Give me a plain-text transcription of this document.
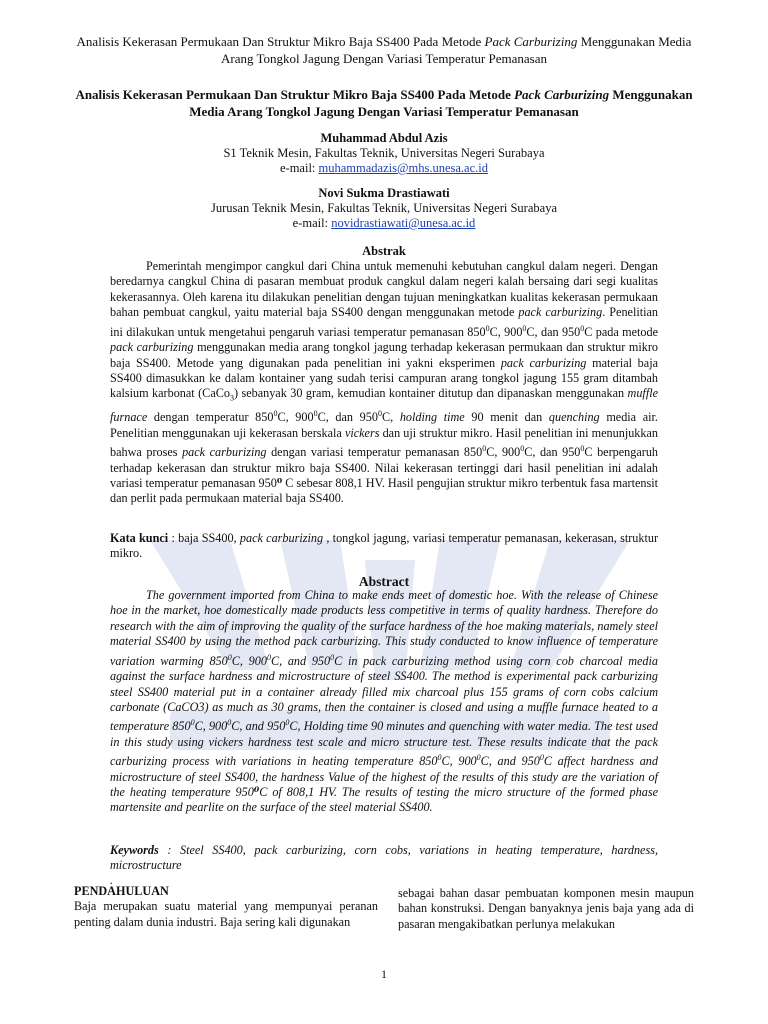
Analisis Kekerasan Permukaan Dan Struktur Mikro Baja SS400 Pada Metode Pack Carburizing Menggunakan Media
Arang Tongkol Jagung Dengan Variasi Temperatur Pemanasan
Analisis Kekerasan Permukaan Dan Struktur Mikro Baja SS400 Pada Metode Pack Carburizing Menggunakan
Media Arang Tongkol Jagung Dengan Variasi Temperatur Pemanasan
Muhammad Abdul Azis
S1 Teknik Mesin, Fakultas Teknik, Universitas Negeri Surabaya
e-mail: muhammadazis@mhs.unesa.ac.id
Novi Sukma Drastiawati
Jurusan Teknik Mesin, Fakultas Teknik, Universitas Negeri Surabaya
e-mail: novidrastiawati@unesa.ac.id
Abstrak
Pemerintah mengimpor cangkul dari China untuk memenuhi kebutuhan cangkul dalam negeri. Dengan beredarnya cangkul China di pasaran membuat produk cangkul dalam negeri kalah bersaing dari segi kualitas kekerasannya. Oleh karena itu dilakukan penelitian dengan tujuan meningkatkan kualitas kekerasan permukaan bahan pembuat cangkul, yaitu material baja SS400 dengan menggunakan metode pack carburizing. Penelitian ini dilakukan untuk mengetahui pengaruh variasi temperatur pemanasan $850^0C$, $900^0C$, dan $950^0C$ pada metode pack carburizing menggunakan media arang tongkol jagung terhadap kekerasan permukaan dan struktur mikro baja SS400. Metode yang digunakan pada penelitian ini yakni eksperimen pack carburizing material baja SS400 dimasukkan ke dalam kontainer yang sudah terisi campuran arang tongkol jagung 155 gram ditambah kalsium karbonat (CaCo$_3$) sebanyak 30 gram, kemudian kontainer ditutup dan dipanaskan menggunakan muffle furnace dengan temperatur $850^0C$, $900^0C$, dan $950^0C$, holding time 90 menit dan quenching media air. Penelitian menggunakan uji kekerasan berskala vickers dan uji struktur mikro. Hasil penelitian ini menunjukkan bahwa proses pack carburizing dengan variasi temperatur pemanasan $850^0C$, $900^0C$, dan $950^0C$ berpengaruh terhadap kekerasan dan struktur mikro baja SS400. Nilai kekerasan tertinggi dari hasil penelitian ini adalah variasi temperatur pemanasan 950⁰ C sebesar 808,1 HV. Hasil pengujian struktur mikro terbentuk fasa martensit dan perlit pada permukaan material baja SS400.
Kata kunci : baja SS400, pack carburizing , tongkol jagung, variasi temperatur pemanasan, kekerasan, struktur mikro.
Abstract
The government imported from China to make ends meet of domestic hoe. With the release of Chinese hoe in the market, hoe domestically made products less competitive in terms of quality hardness. Therefore do research with the aim of improving the quality of the surface hardness of the hoe making materials, namely steel material SS400 by using the method pack carburizing. This study conducted to know influence of temperature variation warming $850^0C$, $900^0C$, and $950^0C$ in pack carburizing method using corn cob charcoal media against the surface hardness and microstructure of steel SS400. The method is experimental pack carburizing steel SS400 material put in a container already filled mix charcoal plus 155 grams of corn cobs calcium carbonate (CaCO3) as much as 30 grams, then the container is closed and using a muffle furnace heated to a temperature $850^0C$, $900^0C$, and $950^0C$, Holding time 90 minutes and quenching with water media. The test used in this study using vickers hardness test scale and micro structure test. These results indicate that the pack carburizing process with variations in heating temperature $850^0C$, $900^0C$, and $950^0C$ affect hardness and microstructure of steel SS400, the hardness Value of the highest of the results of this study are the variation of the heating temperature 950⁰C of 808,1 HV. The results of testing the micro structure of the formed phase martensite and pearlite on the surface of the steel material SS400.
Keywords : Steel SS400, pack carburizing, corn cobs, variations in heating temperature, hardness, microstructure
.
PENDAHULUAN
Baja merupakan suatu material yang mempunyai peranan penting dalam dunia industri. Baja sering kali digunakan
sebagai bahan dasar pembuatan komponen mesin maupun bahan konstruksi. Dengan banyaknya jenis baja yang ada di pasaran mengakibatkan perlunya melakukan
1
